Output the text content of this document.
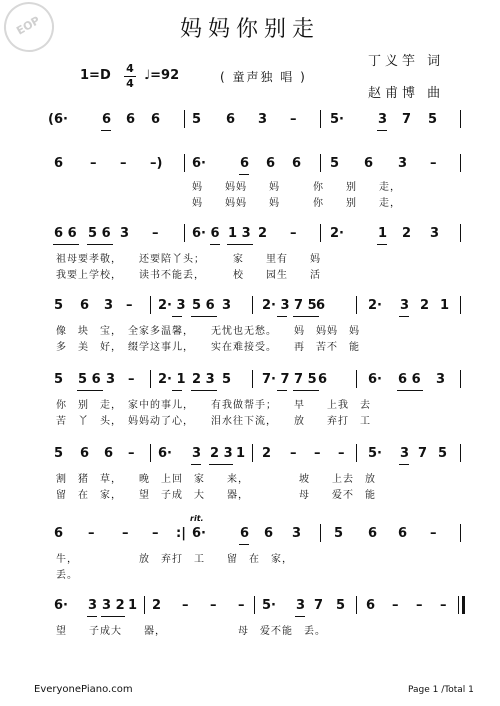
EOP	妈妈你别走
丁义竽 词
赵甫博 曲
1=D 4
4
♩=92	( 童声独 唱 )
(6·	6 6 6 5 6 3 –	5·	3 7 5
6 – – –) 6·	6 6 6 5 6 3 –
妈　　妈妈　　妈　　　你　　别　　走，
妈　　妈妈　　妈　　　你　　别　　走，
6 6 5 6 3 –	6· 6 1 3 2 –	2·	1 2 3
祖母要孝敬，　　还要陪丫头；　　　家　　里有　　妈
我要上学校，　　读书不能丢，　　　校　　园生　　活
5 6 3 – 2· 3 5 6 3 2· 3 7 5 6	2· 3 2 1
像　块　宝，　全家多温馨，　　无忧也无愁。　　妈　妈妈　妈
多　美　好，　缀学这事儿，　　实在难接受。　　再　苦不　能
5 5 6 3 – 2· 1 2 3 5 7· 7 7 5 6	6· 6 6 3
你　别　走，　家中的事儿，　　有我做帮手；　　早　　上我　去
苦　丫　头，　妈妈动了心，　　泪水往下流，　　放　　弃打　工
5 6 6 – 6· 3 2 3 1 2 – – – 5· 3 7 5
割　猪　草，　　晚　上回　家　　来，　　　　　坡　　上去　放
留　在　家，　　望　子成　大　　器，　　　　　母　　爱不　能
rit.
6 – – – :| 6·	6 6 3	5 6 6 –
牛，　　　　　　放　弃打　工　　留　在　家，
丢。
6· 3 3 2 1 2 – – – 5· 3 7 5 6 – – –
望　　子成大　　器，　　　　　　　母　爱不能　丢。
EveryonePiano.com	Page 1 /Total 1
